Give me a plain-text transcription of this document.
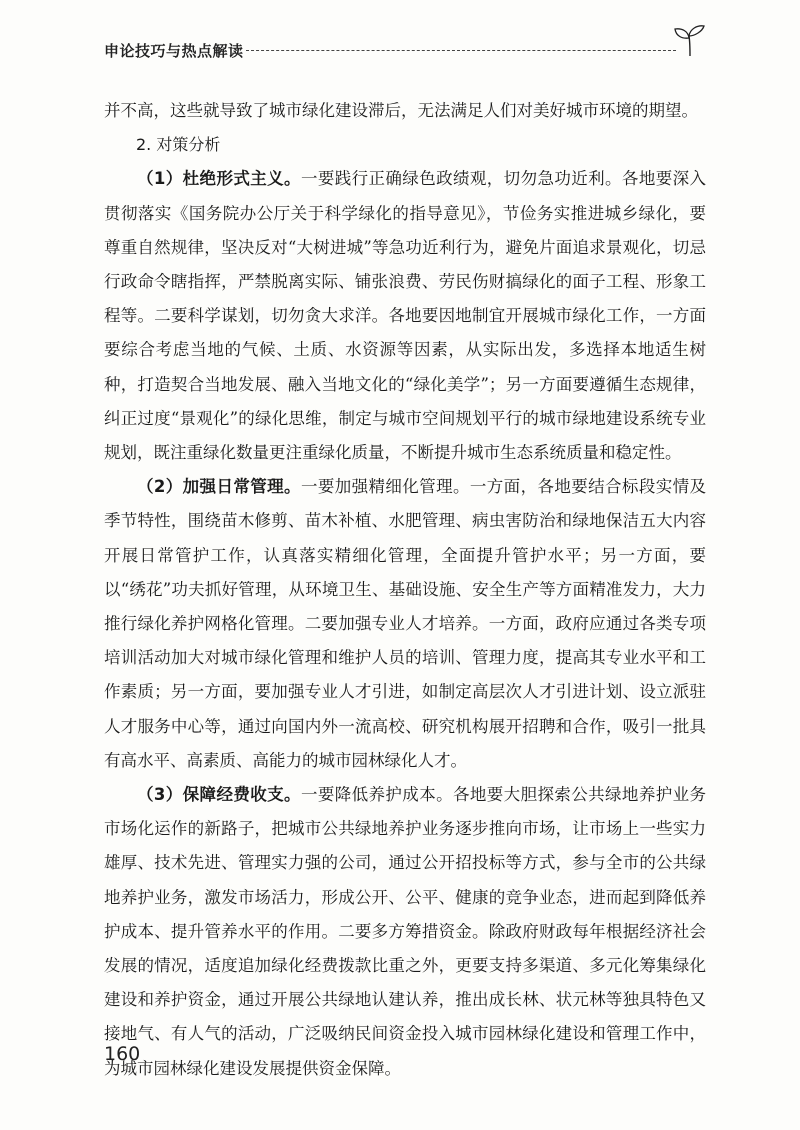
申论技巧与热点解读

并不高，这些就导致了城市绿化建设滞后，无法满足人们对美好城市环境的期望。

2. 对策分析

（1）杜绝形式主义。一要践行正确绿色政绩观，切勿急功近利。各地要深入贯彻落实《国务院办公厅关于科学绿化的指导意见》，节俭务实推进城乡绿化，要尊重自然规律，坚决反对“大树进城”等急功近利行为，避免片面追求景观化，切忌行政命令瞎指挥，严禁脱离实际、铺张浪费、劳民伤财搞绿化的面子工程、形象工程等。二要科学谋划，切勿贪大求洋。各地要因地制宜开展城市绿化工作，一方面要综合考虑当地的气候、土质、水资源等因素，从实际出发，多选择本地适生树种，打造契合当地发展、融入当地文化的“绿化美学”；另一方面要遵循生态规律，纠正过度“景观化”的绿化思维，制定与城市空间规划平行的城市绿地建设系统专业规划，既注重绿化数量更注重绿化质量，不断提升城市生态系统质量和稳定性。

（2）加强日常管理。一要加强精细化管理。一方面，各地要结合标段实情及季节特性，围绕苗木修剪、苗木补植、水肥管理、病虫害防治和绿地保洁五大内容开展日常管护工作，认真落实精细化管理，全面提升管护水平；另一方面，要以“绣花”功夫抓好管理，从环境卫生、基础设施、安全生产等方面精准发力，大力推行绿化养护网格化管理。二要加强专业人才培养。一方面，政府应通过各类专项培训活动加大对城市绿化管理和维护人员的培训、管理力度，提高其专业水平和工作素质；另一方面，要加强专业人才引进，如制定高层次人才引进计划、设立派驻人才服务中心等，通过向国内外一流高校、研究机构展开招聘和合作，吸引一批具有高水平、高素质、高能力的城市园林绿化人才。

（3）保障经费收支。一要降低养护成本。各地要大胆探索公共绿地养护业务市场化运作的新路子，把城市公共绿地养护业务逐步推向市场，让市场上一些实力雄厚、技术先进、管理实力强的公司，通过公开招投标等方式，参与全市的公共绿地养护业务，激发市场活力，形成公开、公平、健康的竞争业态，进而起到降低养护成本、提升管养水平的作用。二要多方筹措资金。除政府财政每年根据经济社会发展的情况，适度追加绿化经费拨款比重之外，更要支持多渠道、多元化筹集绿化建设和养护资金，通过开展公共绿地认建认养，推出成长林、状元林等独具特色又接地气、有人气的活动，广泛吸纳民间资金投入城市园林绿化建设和管理工作中，为城市园林绿化建设发展提供资金保障。

160
